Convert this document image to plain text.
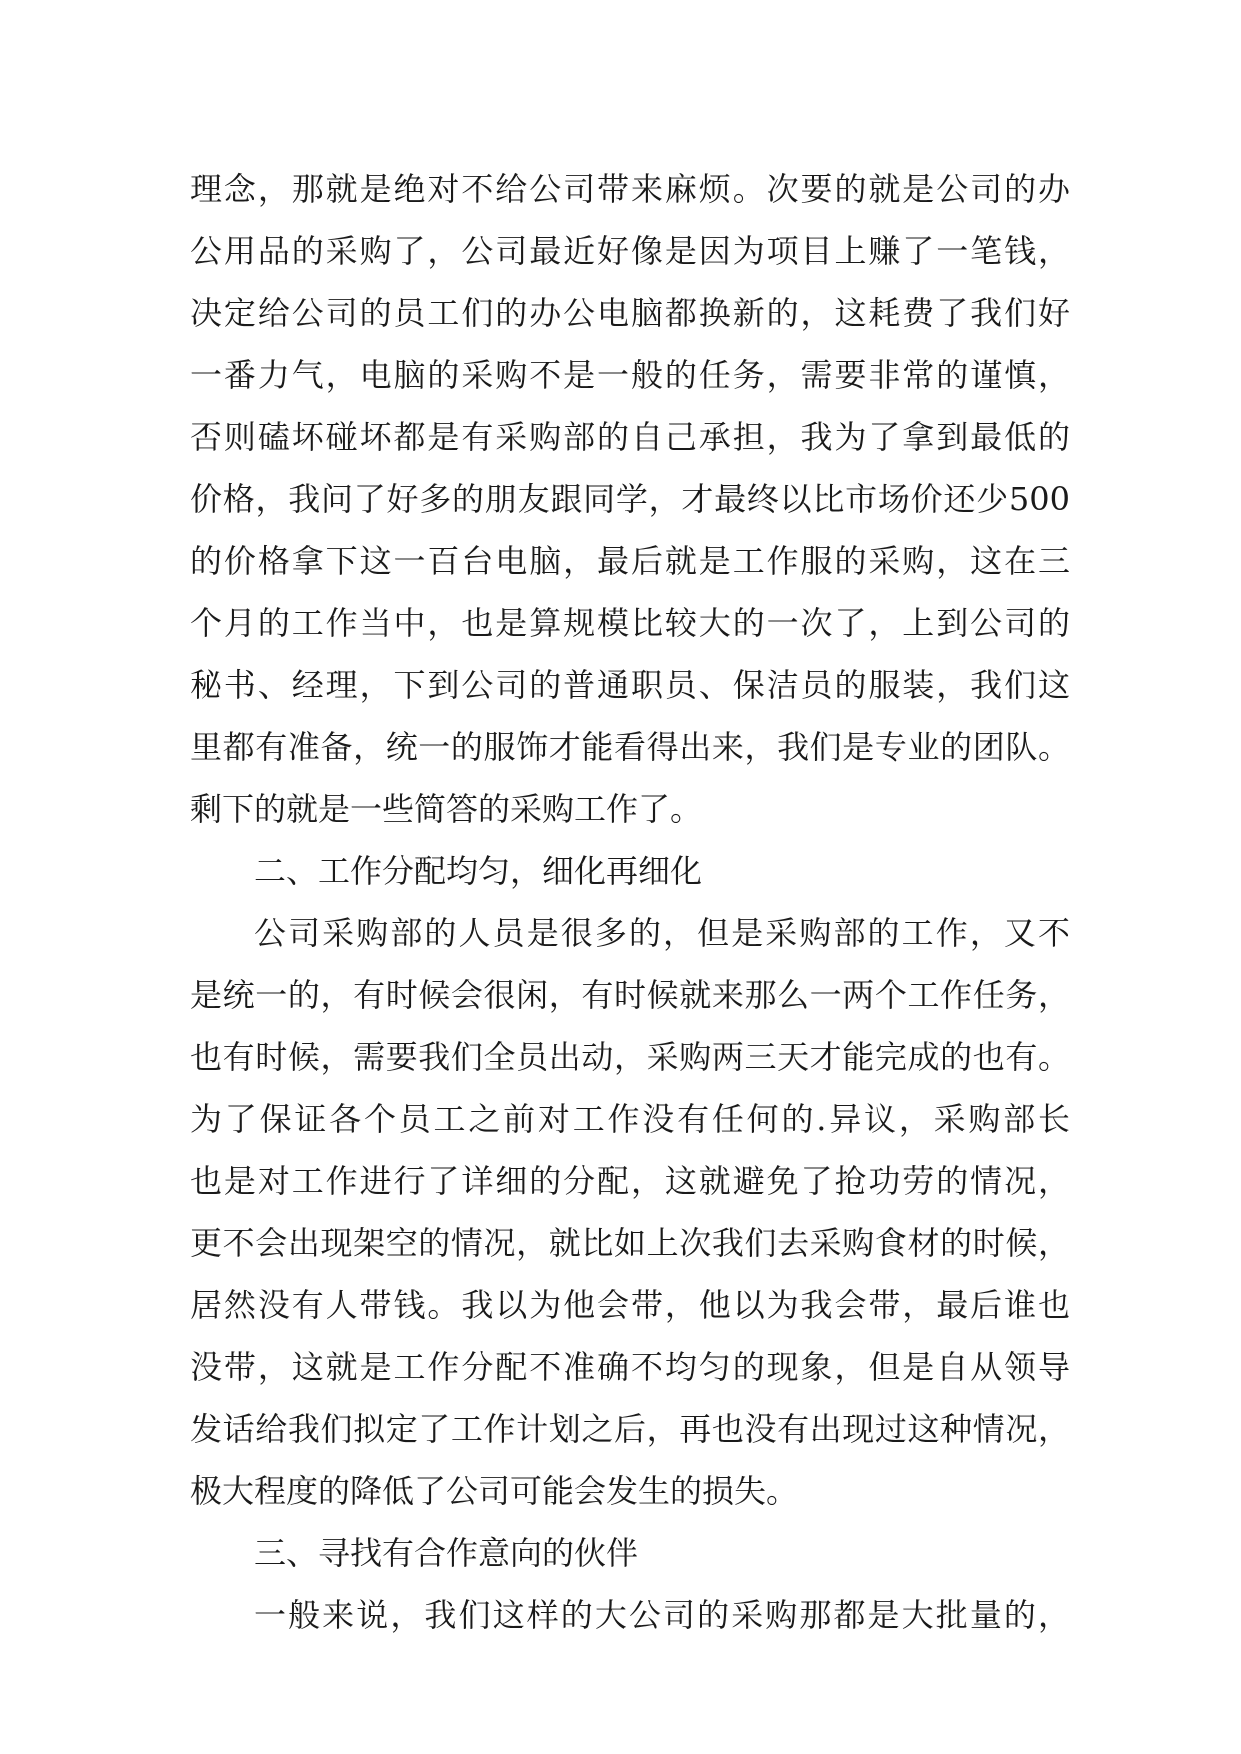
理念，那就是绝对不给公司带来麻烦。次要的就是公司的办
公用品的采购了，公司最近好像是因为项目上赚了一笔钱，
决定给公司的员工们的办公电脑都换新的，这耗费了我们好
一番力气，电脑的采购不是一般的任务，需要非常的谨慎，
否则磕坏碰坏都是有采购部的自己承担，我为了拿到最低的
价格，我问了好多的朋友跟同学，才最终以比市场价还少500
的价格拿下这一百台电脑，最后就是工作服的采购，这在三
个月的工作当中，也是算规模比较大的一次了，上到公司的
秘书、经理，下到公司的普通职员、保洁员的服装，我们这
里都有准备，统一的服饰才能看得出来，我们是专业的团队。
剩下的就是一些简答的采购工作了。
二、工作分配均匀，细化再细化
公司采购部的人员是很多的，但是采购部的工作，又不
是统一的，有时候会很闲，有时候就来那么一两个工作任务，
也有时候，需要我们全员出动，采购两三天才能完成的也有。
为了保证各个员工之前对工作没有任何的.异议，采购部长
也是对工作进行了详细的分配，这就避免了抢功劳的情况，
更不会出现架空的情况，就比如上次我们去采购食材的时候，
居然没有人带钱。我以为他会带，他以为我会带，最后谁也
没带，这就是工作分配不准确不均匀的现象，但是自从领导
发话给我们拟定了工作计划之后，再也没有出现过这种情况，
极大程度的降低了公司可能会发生的损失。
三、寻找有合作意向的伙伴
一般来说，我们这样的大公司的采购那都是大批量的，
